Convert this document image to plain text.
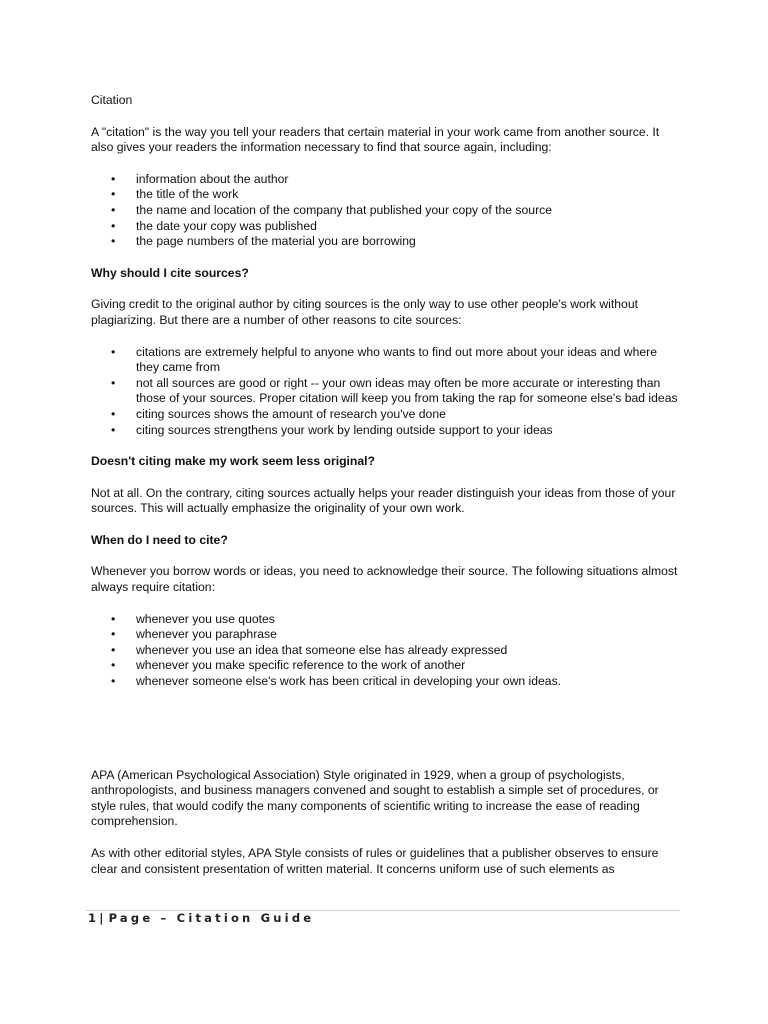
Citation

A "citation" is the way you tell your readers that certain material in your work came from another source. It also gives your readers the information necessary to find that source again, including:

• information about the author
• the title of the work
• the name and location of the company that published your copy of the source
• the date your copy was published
• the page numbers of the material you are borrowing

Why should I cite sources?

Giving credit to the original author by citing sources is the only way to use other people's work without plagiarizing. But there are a number of other reasons to cite sources:

• citations are extremely helpful to anyone who wants to find out more about your ideas and where they came from
• not all sources are good or right -- your own ideas may often be more accurate or interesting than those of your sources. Proper citation will keep you from taking the rap for someone else's bad ideas
• citing sources shows the amount of research you've done
• citing sources strengthens your work by lending outside support to your ideas

Doesn't citing make my work seem less original?

Not at all. On the contrary, citing sources actually helps your reader distinguish your ideas from those of your sources. This will actually emphasize the originality of your own work.

When do I need to cite?

Whenever you borrow words or ideas, you need to acknowledge their source. The following situations almost always require citation:

• whenever you use quotes
• whenever you paraphrase
• whenever you use an idea that someone else has already expressed
• whenever you make specific reference to the work of another
• whenever someone else's work has been critical in developing your own ideas.

APA (American Psychological Association) Style originated in 1929, when a group of psychologists, anthropologists, and business managers convened and sought to establish a simple set of procedures, or style rules, that would codify the many components of scientific writing to increase the ease of reading comprehension.

As with other editorial styles, APA Style consists of rules or guidelines that a publisher observes to ensure clear and consistent presentation of written material. It concerns uniform use of such elements as

1| Page – Citation Guide
